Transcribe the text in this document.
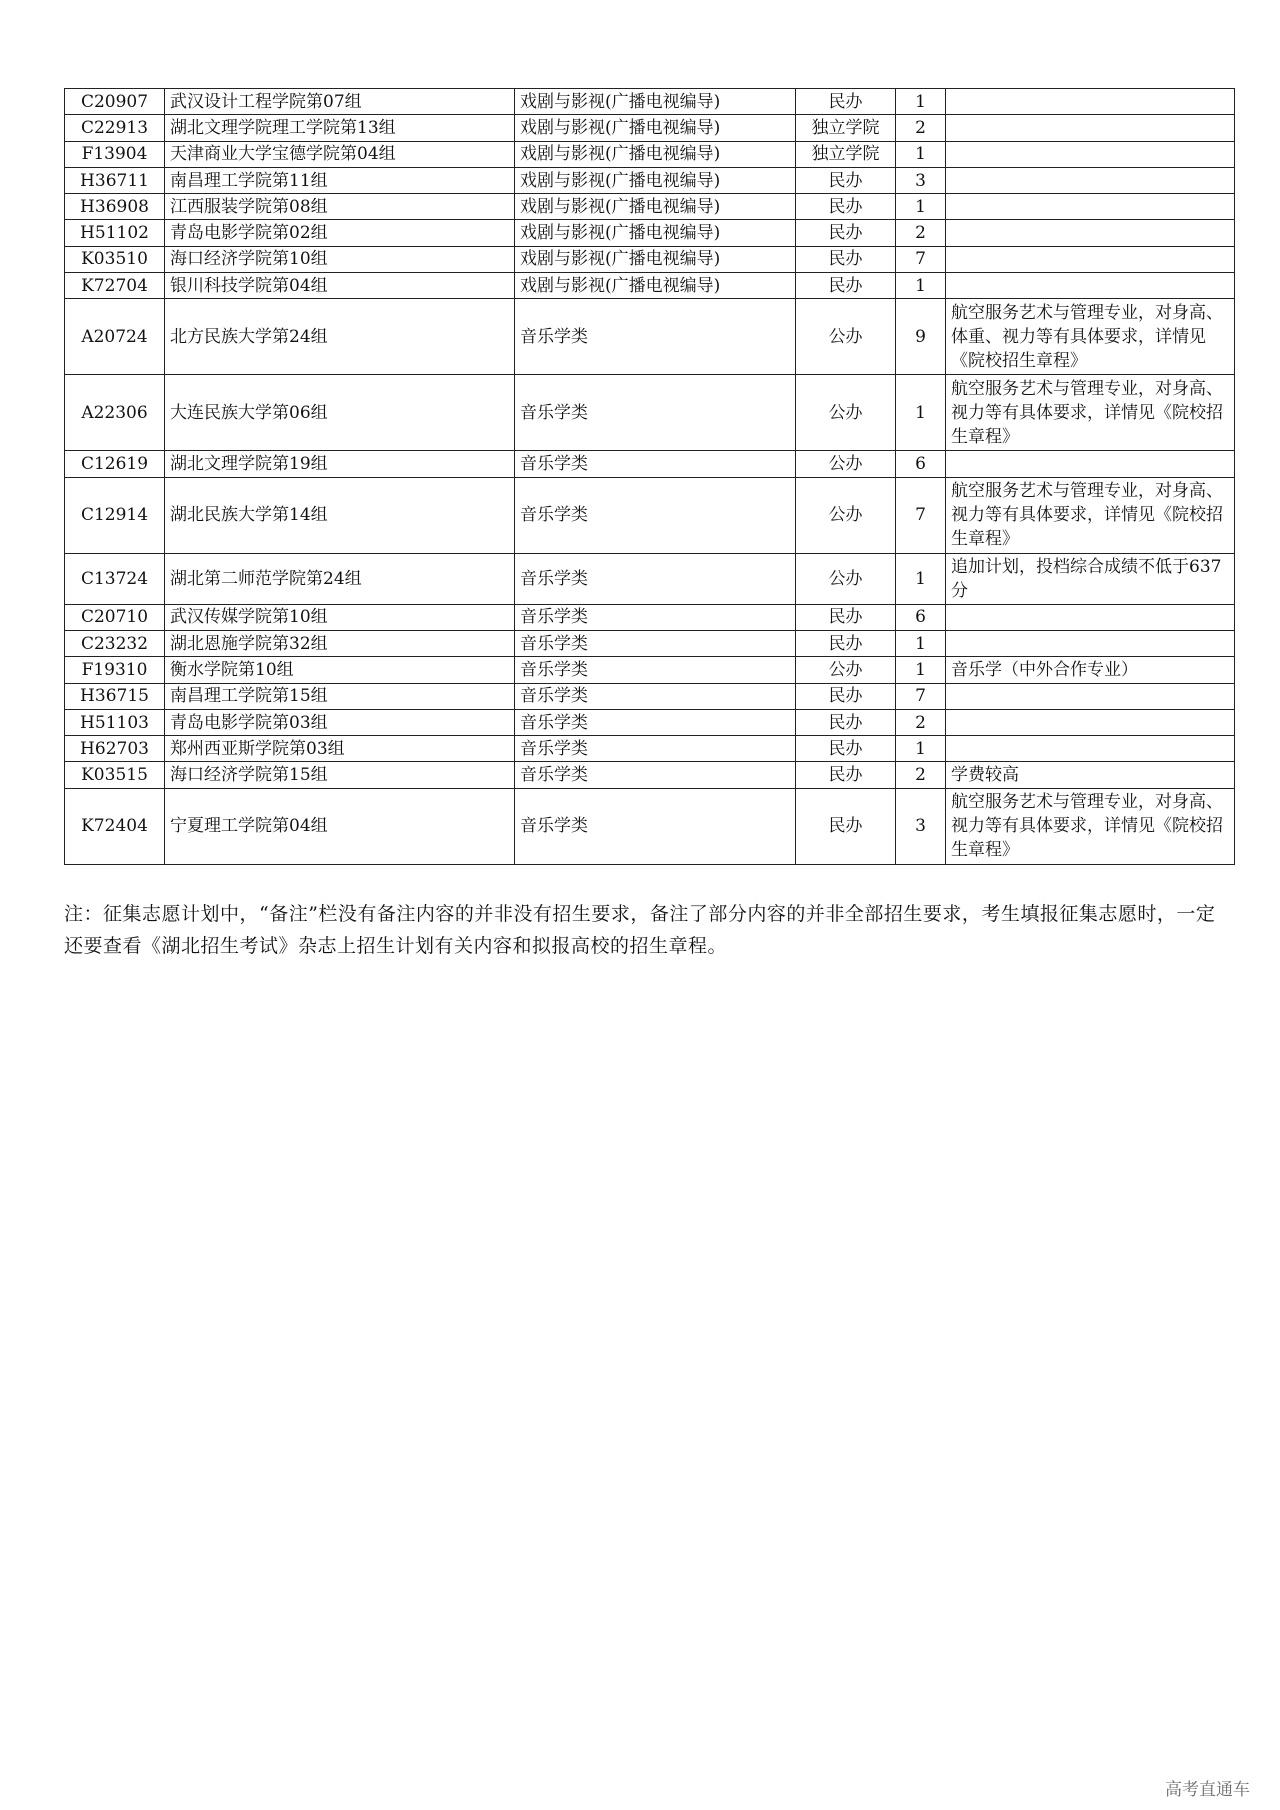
C20907	武汉设计工程学院第07组	戏剧与影视(广播电视编导)	民办	1	
C22913	湖北文理学院理工学院第13组	戏剧与影视(广播电视编导)	独立学院	2	
F13904	天津商业大学宝德学院第04组	戏剧与影视(广播电视编导)	独立学院	1	
H36711	南昌理工学院第11组	戏剧与影视(广播电视编导)	民办	3	
H36908	江西服装学院第08组	戏剧与影视(广播电视编导)	民办	1	
H51102	青岛电影学院第02组	戏剧与影视(广播电视编导)	民办	2	
K03510	海口经济学院第10组	戏剧与影视(广播电视编导)	民办	7	
K72704	银川科技学院第04组	戏剧与影视(广播电视编导)	民办	1	
A20724	北方民族大学第24组	音乐学类	公办	9	航空服务艺术与管理专业，对身高、体重、视力等有具体要求，详情见《院校招生章程》
A22306	大连民族大学第06组	音乐学类	公办	1	航空服务艺术与管理专业，对身高、视力等有具体要求，详情见《院校招生章程》
C12619	湖北文理学院第19组	音乐学类	公办	6	
C12914	湖北民族大学第14组	音乐学类	公办	7	航空服务艺术与管理专业，对身高、视力等有具体要求，详情见《院校招生章程》
C13724	湖北第二师范学院第24组	音乐学类	公办	1	追加计划，投档综合成绩不低于637分
C20710	武汉传媒学院第10组	音乐学类	民办	6	
C23232	湖北恩施学院第32组	音乐学类	民办	1	
F19310	衡水学院第10组	音乐学类	公办	1	音乐学（中外合作专业）
H36715	南昌理工学院第15组	音乐学类	民办	7	
H51103	青岛电影学院第03组	音乐学类	民办	2	
H62703	郑州西亚斯学院第03组	音乐学类	民办	1	
K03515	海口经济学院第15组	音乐学类	民办	2	学费较高
K72404	宁夏理工学院第04组	音乐学类	民办	3	航空服务艺术与管理专业，对身高、视力等有具体要求，详情见《院校招生章程》
注：征集志愿计划中，“备注”栏没有备注内容的并非没有招生要求，备注了部分内容的并非全部招生要求，考生填报征集志愿时，一定还要查看《湖北招生考试》杂志上招生计划有关内容和拟报高校的招生章程。
高考直通车
